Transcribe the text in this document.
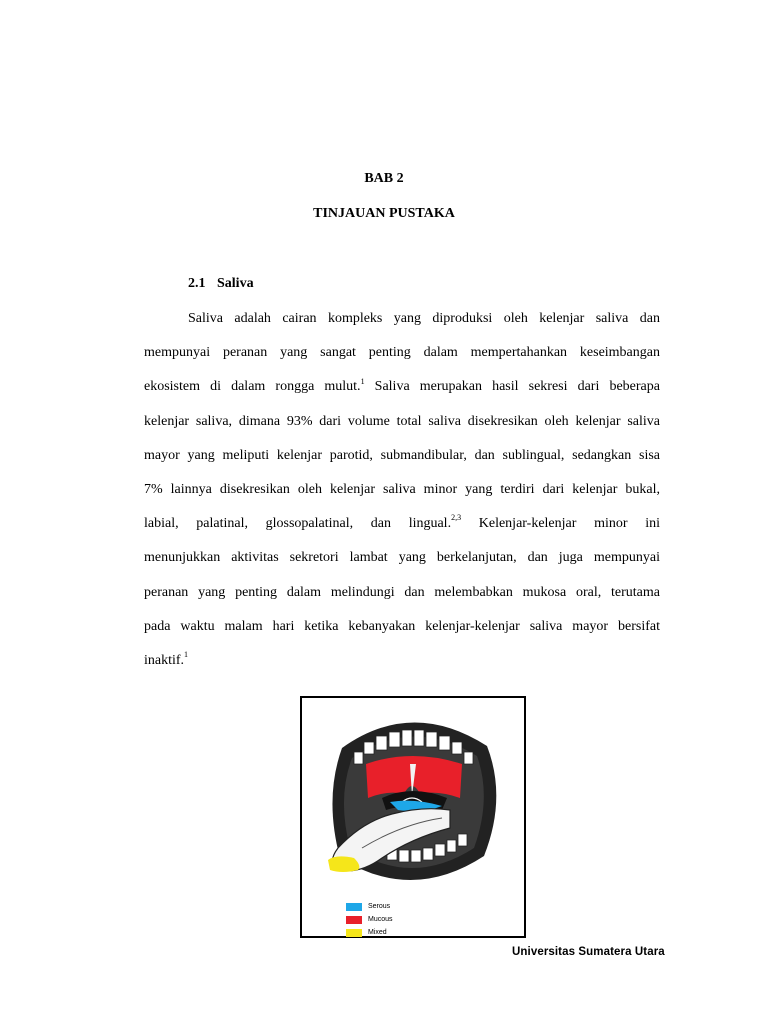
BAB 2
TINJAUAN PUSTAKA
2.1 Saliva
Saliva adalah cairan kompleks yang diproduksi oleh kelenjar saliva dan
mempunyai peranan yang sangat penting dalam mempertahankan keseimbangan
ekosistem di dalam rongga mulut.$^1$ Saliva merupakan hasil sekresi dari beberapa
kelenjar saliva, dimana 93% dari volume total saliva disekresikan oleh kelenjar saliva
mayor yang meliputi kelenjar parotid, submandibular, dan sublingual, sedangkan sisa
7% lainnya disekresikan oleh kelenjar saliva minor yang terdiri dari kelenjar bukal,
labial, palatinal, glossopalatinal, dan lingual.$^{2,3}$ Kelenjar-kelenjar minor ini
menunjukkan aktivitas sekretori lambat yang berkelanjutan, dan juga mempunyai
peranan yang penting dalam melindungi dan melembabkan mukosa oral, terutama
pada waktu malam hari ketika kebanyakan kelenjar-kelenjar saliva mayor bersifat
inaktif.$^1$
Serous
Mucous
Mixed
Universitas Sumatera Utara
